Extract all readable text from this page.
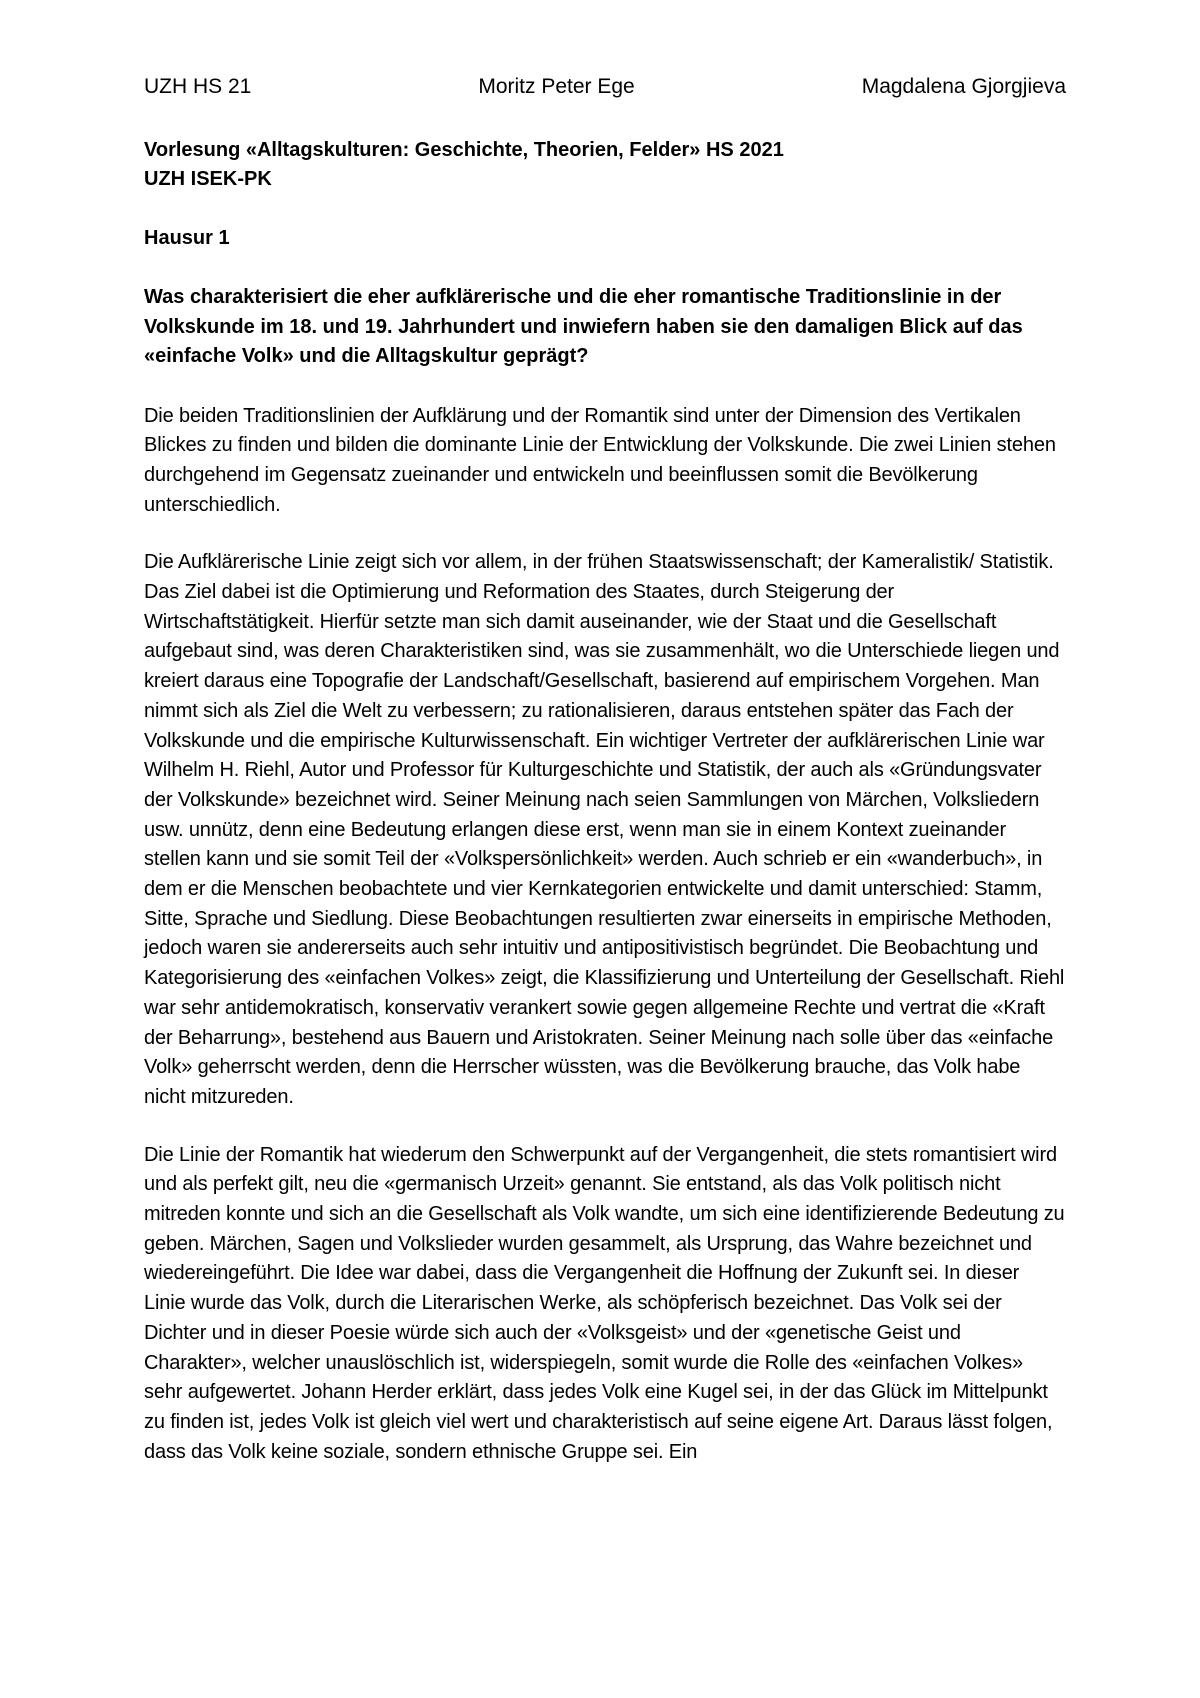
UZH HS 21	Moritz Peter Ege	Magdalena Gjorgjieva
Vorlesung «Alltagskulturen: Geschichte, Theorien, Felder» HS 2021
UZH ISEK-PK
Hausur 1
Was charakterisiert die eher aufklärerische und die eher romantische Traditionslinie in der Volkskunde im 18. und 19. Jahrhundert und inwiefern haben sie den damaligen Blick auf das «einfache Volk» und die Alltagskultur geprägt?

Die beiden Traditionslinien der Aufklärung und der Romantik sind unter der Dimension des Vertikalen Blickes zu finden und bilden die dominante Linie der Entwicklung der Volkskunde. Die zwei Linien stehen durchgehend im Gegensatz zueinander und entwickeln und beeinflussen somit die Bevölkerung unterschiedlich.

Die Aufklärerische Linie zeigt sich vor allem, in der frühen Staatswissenschaft; der Kameralistik/ Statistik. Das Ziel dabei ist die Optimierung und Reformation des Staates, durch Steigerung der Wirtschaftstätigkeit. Hierfür setzte man sich damit auseinander, wie der Staat und die Gesellschaft aufgebaut sind, was deren Charakteristiken sind, was sie zusammenhält, wo die Unterschiede liegen und kreiert daraus eine Topografie der Landschaft/Gesellschaft, basierend auf empirischem Vorgehen. Man nimmt sich als Ziel die Welt zu verbessern; zu rationalisieren, daraus entstehen später das Fach der Volkskunde und die empirische Kulturwissenschaft. Ein wichtiger Vertreter der aufklärerischen Linie war Wilhelm H. Riehl, Autor und Professor für Kulturgeschichte und Statistik, der auch als «Gründungsvater der Volkskunde» bezeichnet wird. Seiner Meinung nach seien Sammlungen von Märchen, Volksliedern usw. unnütz, denn eine Bedeutung erlangen diese erst, wenn man sie in einem Kontext zueinander stellen kann und sie somit Teil der «Volkspersönlichkeit» werden. Auch schrieb er ein «wanderbuch», in dem er die Menschen beobachtete und vier Kernkategorien entwickelte und damit unterschied: Stamm, Sitte, Sprache und Siedlung. Diese Beobachtungen resultierten zwar einerseits in empirische Methoden, jedoch waren sie andererseits auch sehr intuitiv und antipositivistisch begründet. Die Beobachtung und Kategorisierung des «einfachen Volkes» zeigt, die Klassifizierung und Unterteilung der Gesellschaft. Riehl war sehr antidemokratisch, konservativ verankert sowie gegen allgemeine Rechte und vertrat die «Kraft der Beharrung», bestehend aus Bauern und Aristokraten. Seiner Meinung nach solle über das «einfache Volk» geherrscht werden, denn die Herrscher wüssten, was die Bevölkerung brauche, das Volk habe nicht mitzureden.

Die Linie der Romantik hat wiederum den Schwerpunkt auf der Vergangenheit, die stets romantisiert wird und als perfekt gilt, neu die «germanisch Urzeit» genannt. Sie entstand, als das Volk politisch nicht mitreden konnte und sich an die Gesellschaft als Volk wandte, um sich eine identifizierende Bedeutung zu geben. Märchen, Sagen und Volkslieder wurden gesammelt, als Ursprung, das Wahre bezeichnet und wiedereingeführt. Die Idee war dabei, dass die Vergangenheit die Hoffnung der Zukunft sei. In dieser Linie wurde das Volk, durch die Literarischen Werke, als schöpferisch bezeichnet. Das Volk sei der Dichter und in dieser Poesie würde sich auch der «Volksgeist» und der «genetische Geist und Charakter», welcher unauslöschlich ist, widerspiegeln, somit wurde die Rolle des «einfachen Volkes» sehr aufgewertet. Johann Herder erklärt, dass jedes Volk eine Kugel sei, in der das Glück im Mittelpunkt zu finden ist, jedes Volk ist gleich viel wert und charakteristisch auf seine eigene Art. Daraus lässt folgen, dass das Volk keine soziale, sondern ethnische Gruppe sei. Ein
